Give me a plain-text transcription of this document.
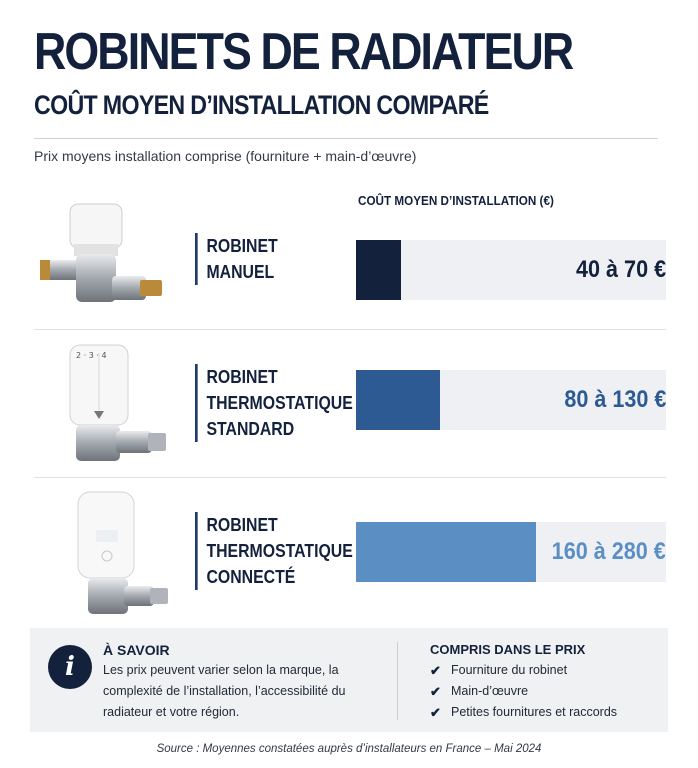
ROBINETS DE RADIATEUR
COÛT MOYEN D’INSTALLATION COMPARÉ
Prix moyens installation comprise (fourniture + main-d’œuvre)
COÛT MOYEN D’INSTALLATION (€)
ROBINET
MANUEL	40 à 70 €
2 · 3 · 4
ROBINET
THERMOSTATIQUE
STANDARD
80 à 130 €
ROBINET
THERMOSTATIQUE
CONNECTÉ
160 à 280 €
i
À SAVOIR
Les prix peuvent varier selon la marque, la
complexité de l’installation, l’accessibilité du
radiateur et votre région.
COMPRIS DANS LE PRIX
✔ Fourniture du robinet
✔ Main-d’œuvre
✔ Petites fournitures et raccords
Source : Moyennes constatées auprès d’installateurs en France – Mai 2024
